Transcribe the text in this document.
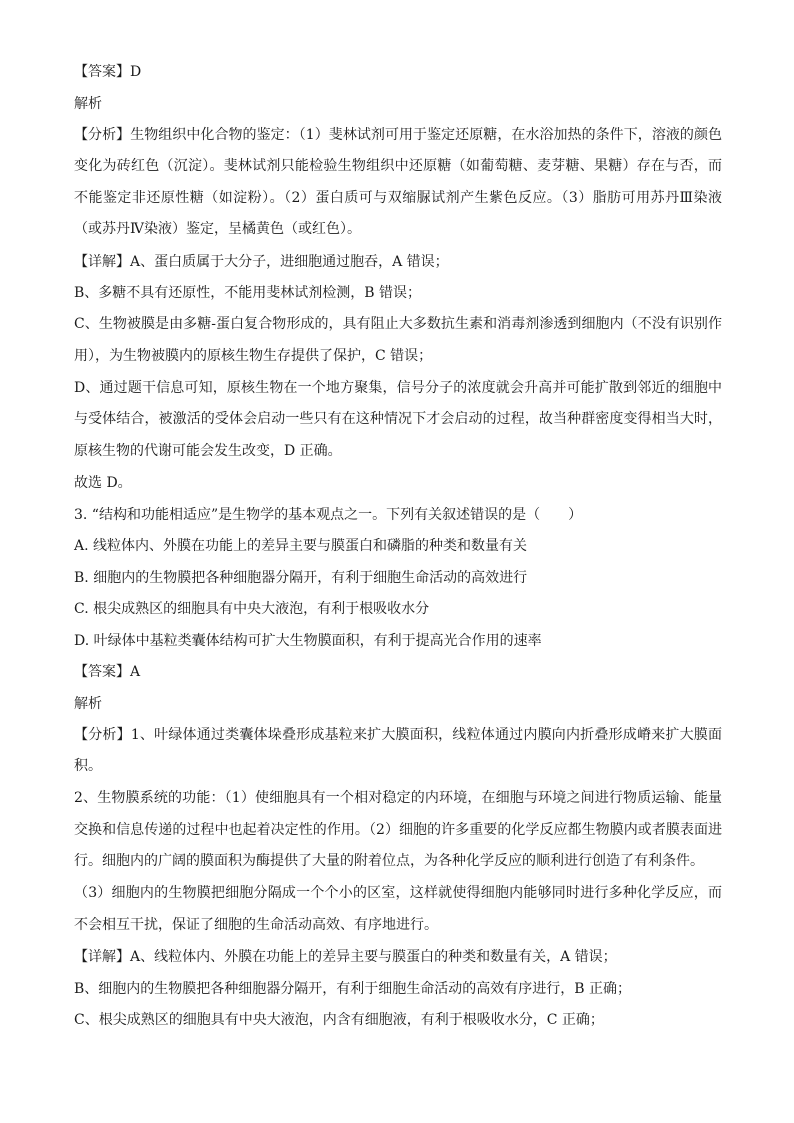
【答案】D

解析

【分析】生物组织中化合物的鉴定：（1）斐林试剂可用于鉴定还原糖，在水浴加热的条件下，溶液的颜色变化为砖红色（沉淀）。斐林试剂只能检验生物组织中还原糖（如葡萄糖、麦芽糖、果糖）存在与否，而不能鉴定非还原性糖（如淀粉）。（2）蛋白质可与双缩脲试剂产生紫色反应。（3）脂肪可用苏丹Ⅲ染液（或苏丹Ⅳ染液）鉴定，呈橘黄色（或红色）。

【详解】A、蛋白质属于大分子，进细胞通过胞吞，A 错误；

B、多糖不具有还原性，不能用斐林试剂检测，B 错误；

C、生物被膜是由多糖-蛋白复合物形成的，具有阻止大多数抗生素和消毒剂渗透到细胞内（不没有识别作用），为生物被膜内的原核生物生存提供了保护，C 错误；

D、通过题干信息可知，原核生物在一个地方聚集，信号分子的浓度就会升高并可能扩散到邻近的细胞中与受体结合，被激活的受体会启动一些只有在这种情况下才会启动的过程，故当种群密度变得相当大时，原核生物的代谢可能会发生改变，D 正确。

故选 D。

3. “结构和功能相适应”是生物学的基本观点之一。下列有关叙述错误的是（　　）

A. 线粒体内、外膜在功能上的差异主要与膜蛋白和磷脂的种类和数量有关

B. 细胞内的生物膜把各种细胞器分隔开，有利于细胞生命活动的高效进行

C. 根尖成熟区的细胞具有中央大液泡，有利于根吸收水分

D. 叶绿体中基粒类囊体结构可扩大生物膜面积，有利于提高光合作用的速率

【答案】A

解析

【分析】1、叶绿体通过类囊体垛叠形成基粒来扩大膜面积，线粒体通过内膜向内折叠形成嵴来扩大膜面积。

2、生物膜系统的功能：（1）使细胞具有一个相对稳定的内环境，在细胞与环境之间进行物质运输、能量交换和信息传递的过程中也起着决定性的作用。（2）细胞的许多重要的化学反应都生物膜内或者膜表面进行。细胞内的广阔的膜面积为酶提供了大量的附着位点，为各种化学反应的顺利进行创造了有利条件。

（3）细胞内的生物膜把细胞分隔成一个个小的区室，这样就使得细胞内能够同时进行多种化学反应，而不会相互干扰，保证了细胞的生命活动高效、有序地进行。

【详解】A、线粒体内、外膜在功能上的差异主要与膜蛋白的种类和数量有关，A 错误；

B、细胞内的生物膜把各种细胞器分隔开，有利于细胞生命活动的高效有序进行，B 正确；

C、根尖成熟区的细胞具有中央大液泡，内含有细胞液，有利于根吸收水分，C 正确；
